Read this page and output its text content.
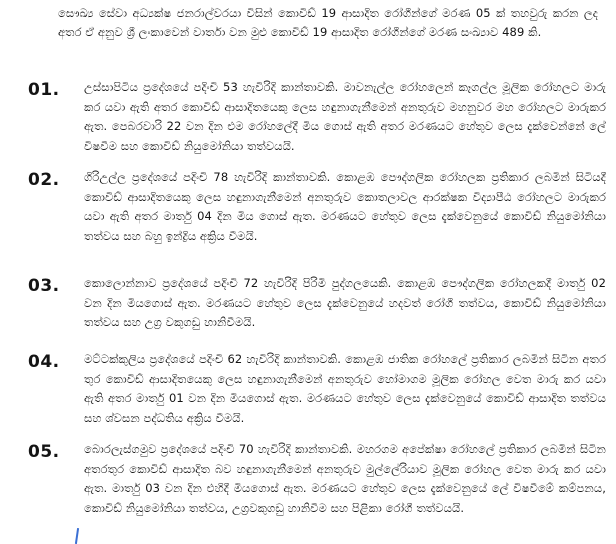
සෞඛ්‍ය සේවා අධ්‍යක්ෂ ජනරාල්වරයා විසින් කොවිඩ් 19 ආසාදිත රෝගීන්ගේ මරණ 05 ක් තහවුරු කරන ලද අතර ඒ අනුව ශ්‍රී ලංකාවෙන් වාර්තා වන මුළු කොවිඩ් 19 ආසාදිත රෝගීන්ගේ මරණ සංඛ්‍යාව 489 කි.
01. උස්සාපිටිය ප්‍රදේශයේ පදිංචි 53 හැවිරිදි කාන්තාවකි. මාවනැල්ල රෝහලෙන් කෑගල්ල මූලික රෝහලට මාරු කර යවා ඇති අතර කොවිඩ් ආසාදිතයෙකු ලෙස හඳුනාගැනීමෙන් අනතුරුව මහනුවර මහ රෝහලට මාරුකර ඇත. පෙබරවාරි 22 වන දින එම රෝහලේදී මිය ගොස් ඇති අතර මරණයට හේතුව ලෙස දැක්වෙන්නේ ලේ විෂවීම සහ කොවිඩ් නියුමෝනියා තත්වයයි.
02. ගිරිඋල්ල ප්‍රදේශයේ පදිංචි 78 හැවිරිදි කාන්තාවකි. කොළඹ පෞද්ගලික රෝහලක ප්‍රතිකාර ලබමින් සිටියදී කොවිඩ් ආසාදිතයෙකු ලෙස හඳුනාගැනීමෙන් අනතුරුව කොතලාවල ආරක්ෂක විද්‍යාපීඨ රෝහලට මාරුකර යවා ඇති අතර මාර්තු 04 දින මිය ගොස් ඇත. මරණයට හේතුව ලෙස දැක්වෙනුයේ කොවිඩ් නියුමෝනියා තත්වය සහ බහු ඉන්ද්‍රිය අක්‍රිය වීමයි.
03. කොලොන්නාව ප්‍රදේශයේ පදිංචි 72 හැවිරිදි පිරිමි පුද්ගලයෙකි. කොළඹ පෞද්ගලික රෝහලකදී මාර්තු 02 වන දින මියගොස් ඇත. මරණයට හේතුව ලෙස දැක්වෙනුයේ හදවත් රෝගී තත්වය, කොවිඩ් නියුමෝනියා තත්වය සහ උග්‍ර වකුගඩු හානිවීමයි.
04. මට්ටක්කුලිය ප්‍රදේශයේ පදිංචි 62 හැවිරිදි කාන්තාවකි. කොළඹ ජාතික රෝහලේ ප්‍රතිකාර ලබමින් සිටින අතර තුර කොවිඩ් ආසාදිතයෙකු ලෙස හඳුනාගැනීමෙන් අනතුරුව හෝමාගම මූලික රෝහල වෙත මාරු කර යවා ඇති අතර මාර්තු 01 වන දින මියගොස් ඇත. මරණයට හේතුව ලෙස දැක්වෙනුයේ කොවිඩ් ආසාදිත තත්වය සහ ශ්වසන පද්ධතිය අක්‍රිය වීමයි.
05. බොරලැස්ගමුව ප්‍රදේශයේ පදිංචි 70 හැවිරිදි කාන්තාවකි. මහරගම අපේක්ෂා රෝහලේ ප්‍රතිකාර ලබමින් සිටින අතරතුර කොවිඩ් ආසාදිත බව හඳුනාගැනීමෙන් අනතුරුව මුල්ලේරියාව මූලික රෝහල වෙත මාරු කර යවා ඇත. මාර්තු 03 වන දින එහිදී මියගොස් ඇත. මරණයට හේතුව ලෙස දැක්වෙනුයේ ලේ විෂවීමේ කම්පනය, කොවිඩ් නියුමෝනියා තත්වය, උග්‍රවකුගඩු හානිවීම සහ පිළිකා රෝගී තත්වයයි.
